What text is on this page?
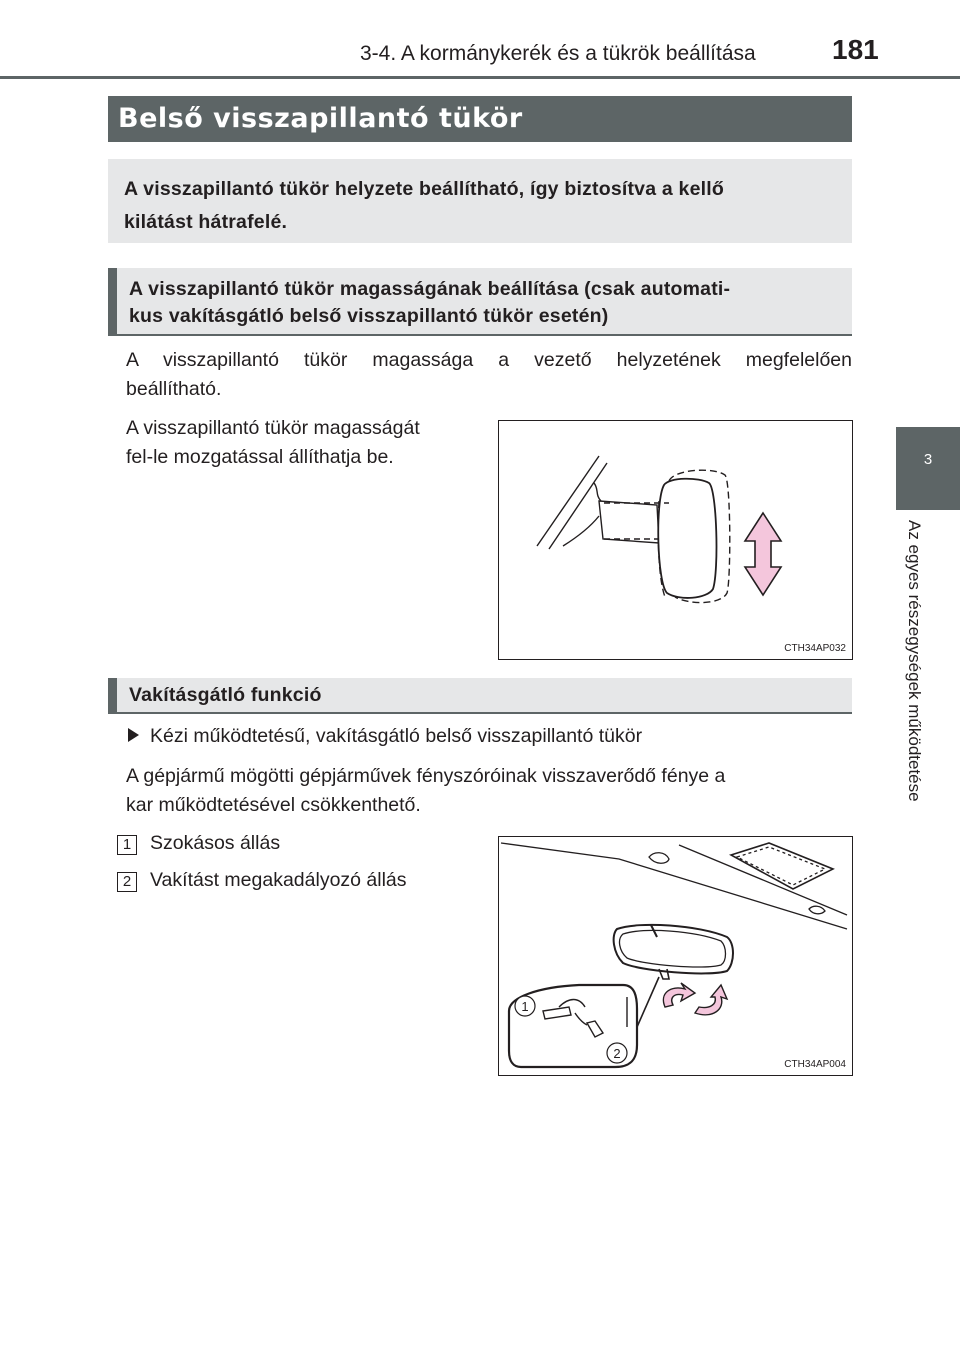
3-4. A kormánykerék és a tükrök beállítása	181
3
Az egyes részegységek működtetése
Belső visszapillantó tükör
A visszapillantó tükör helyzete beállítható, így biztosítva a kellő
kilátást hátrafelé.
A visszapillantó tükör magasságának beállítása (csak automati-
kus vakításgátló belső visszapillantó tükör esetén)
A visszapillantó tükör magassága a vezető helyzetének megfelelően
beállítható.
A visszapillantó tükör magasságát
fel-le mozgatással állíthatja be.
CTH34AP032
Vakításgátló funkció
Kézi működtetésű, vakításgátló belső visszapillantó tükör
A gépjármű mögötti gépjárművek fényszóróinak visszaverődő fénye a
kar működtetésével csökkenthető.
1 Szokásos állás
2 Vakítást megakadályozó állás
1
2
CTH34AP004
